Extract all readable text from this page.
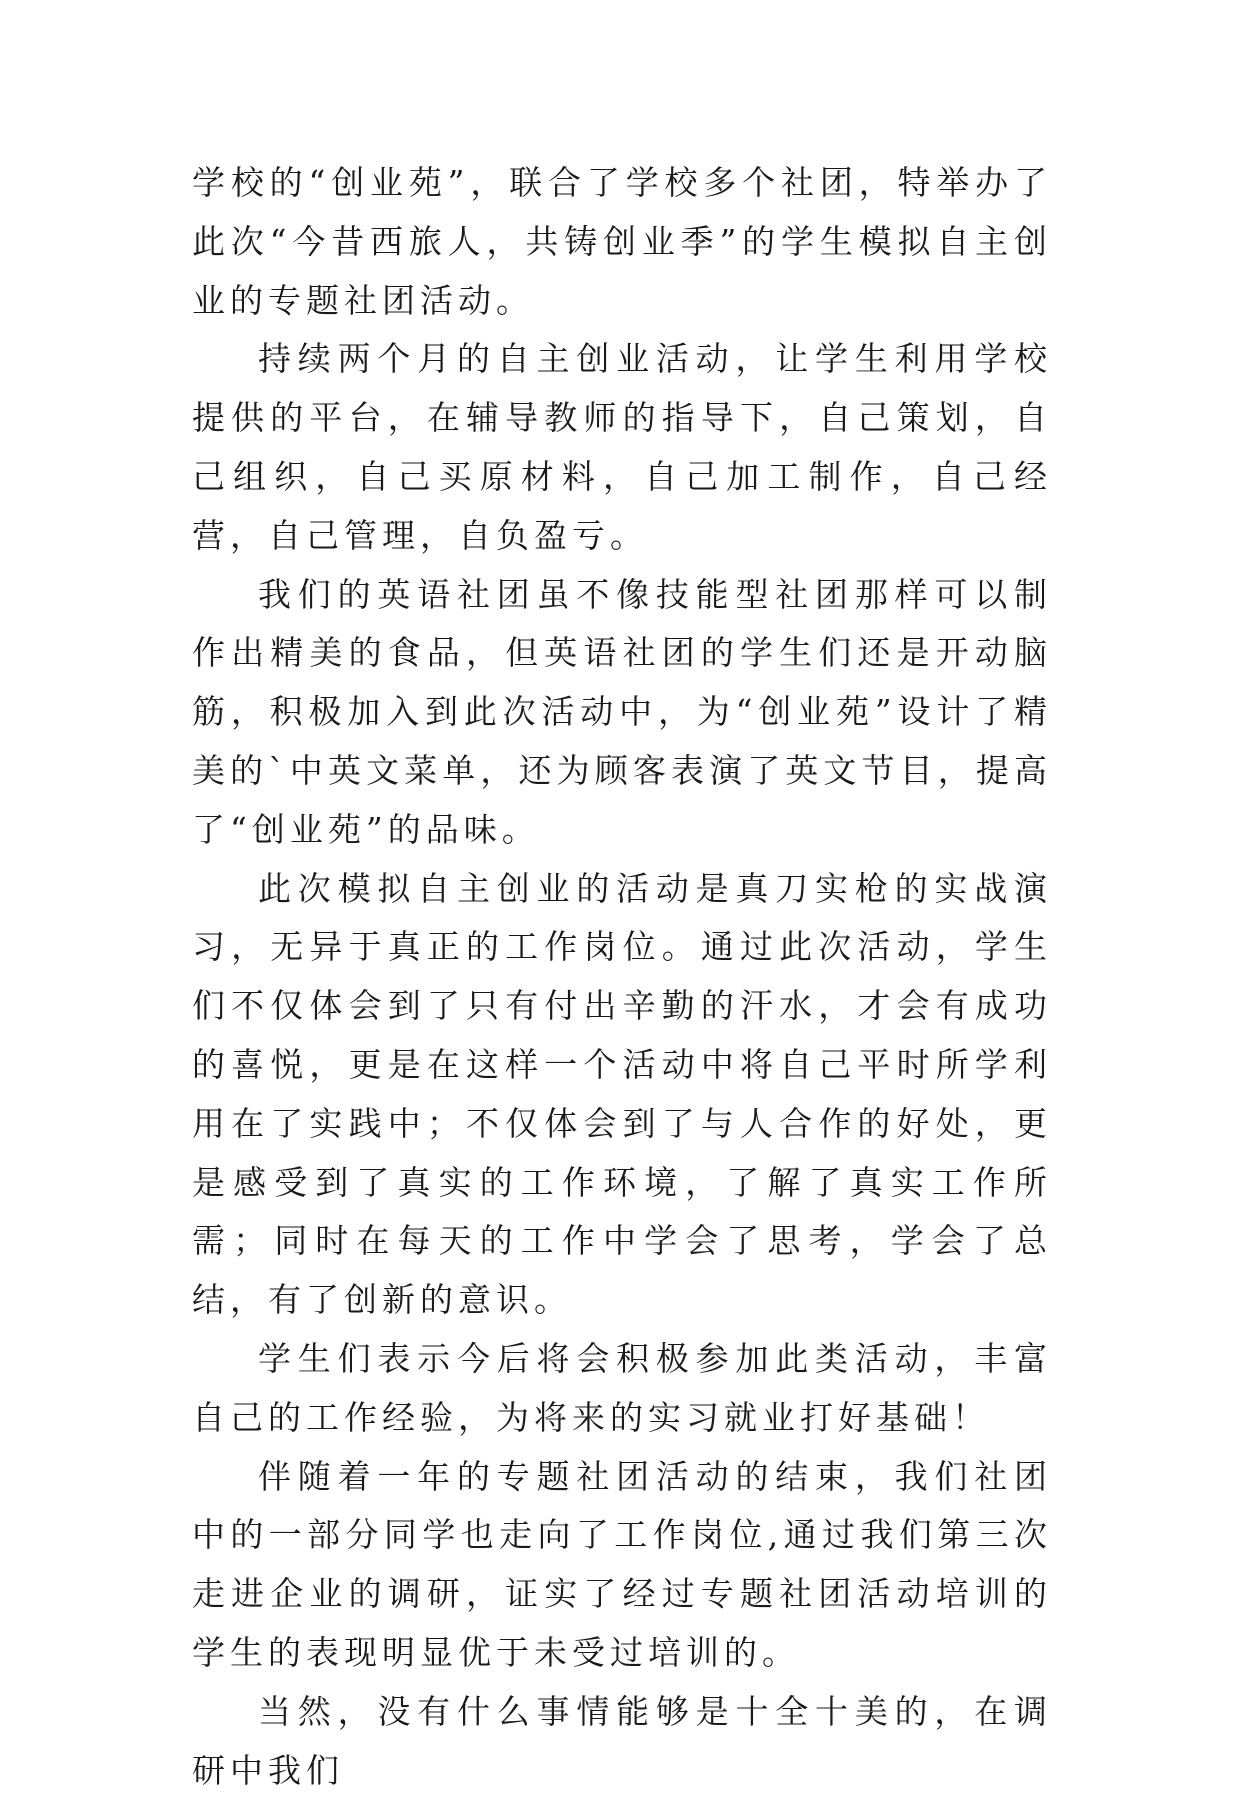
学校的“创业苑”，联合了学校多个社团，特举办了此次“今昔西旅人，共铸创业季”的学生模拟自主创业的专题社团活动。

持续两个月的自主创业活动，让学生利用学校提供的平台，在辅导教师的指导下，自己策划，自己组织，自己买原材料，自己加工制作，自己经营，自己管理，自负盈亏。

我们的英语社团虽不像技能型社团那样可以制作出精美的食品，但英语社团的学生们还是开动脑筋，积极加入到此次活动中，为“创业苑”设计了精美的`中英文菜单，还为顾客表演了英文节目，提高了“创业苑”的品味。

此次模拟自主创业的活动是真刀实枪的实战演习，无异于真正的工作岗位。通过此次活动，学生们不仅体会到了只有付出辛勤的汗水，才会有成功的喜悦，更是在这样一个活动中将自己平时所学利用在了实践中；不仅体会到了与人合作的好处，更是感受到了真实的工作环境，了解了真实工作所需；同时在每天的工作中学会了思考，学会了总结，有了创新的意识。

学生们表示今后将会积极参加此类活动，丰富自己的工作经验，为将来的实习就业打好基础！

伴随着一年的专题社团活动的结束，我们社团中的一部分同学也走向了工作岗位,通过我们第三次走进企业的调研，证实了经过专题社团活动培训的学生的表现明显优于未受过培训的。

当然，没有什么事情能够是十全十美的，在调研中我们
